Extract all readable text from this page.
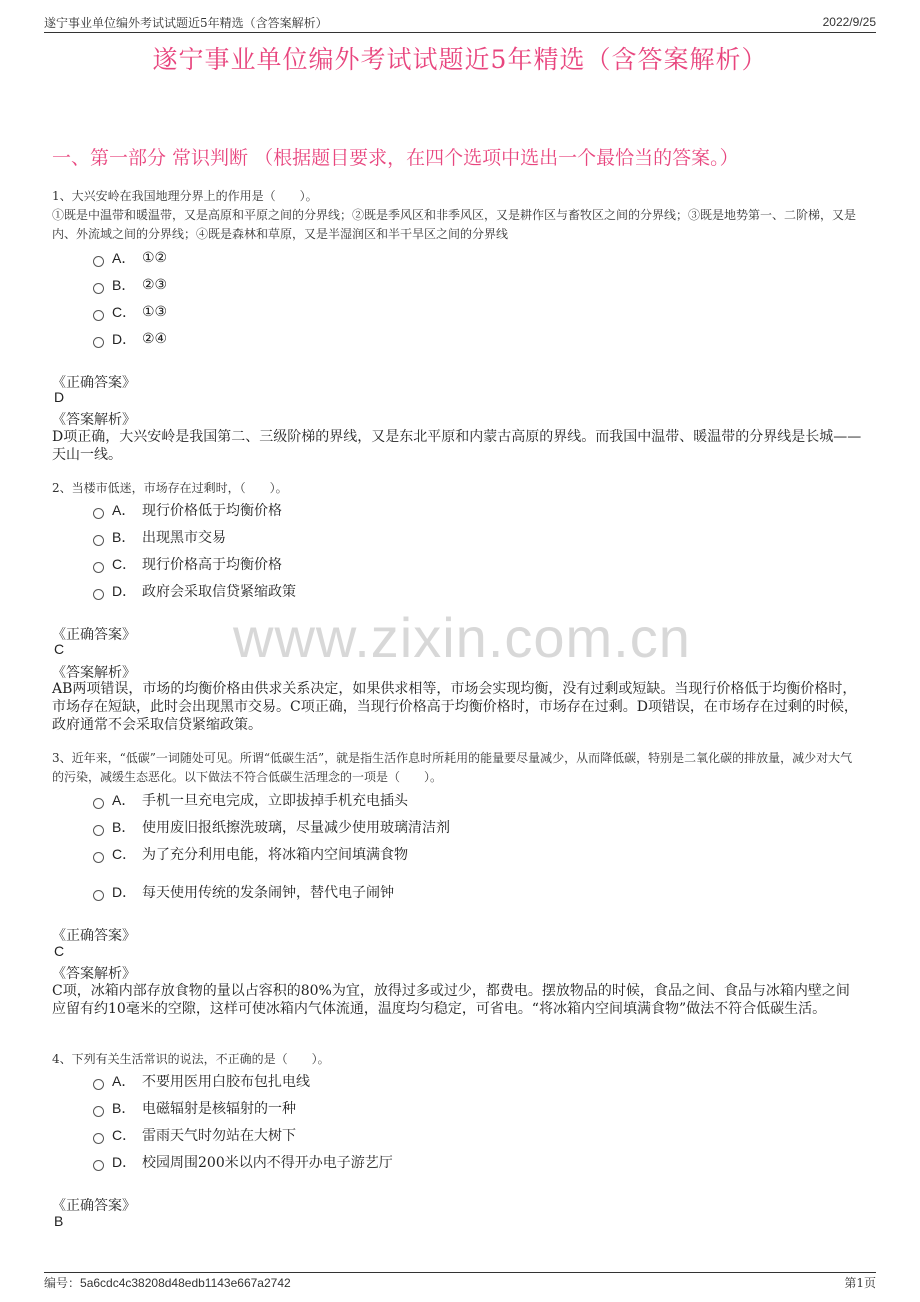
遂宁事业单位编外考试试题近5年精选（含答案解析）	2022/9/25
遂宁事业单位编外考试试题近5年精选（含答案解析）
一、第一部分 常识判断 （根据题目要求，在四个选项中选出一个最恰当的答案。）
www.zixin.com.cn

1、大兴安岭在我国地理分界上的作用是（　　）。

①既是中温带和暖温带，又是高原和平原之间的分界线；②既是季风区和非季风区，又是耕作区与畜牧区之间的分界线；③既是地势第一、二阶梯，又是内、外流域之间的分界线；④既是森林和草原，又是半湿润区和半干旱区之间的分界线

A． ①②
B． ②③
C． ①③
D． ②④
《正确答案》
D
《答案解析》
D项正确，大兴安岭是我国第二、三级阶梯的界线，又是东北平原和内蒙古高原的界线。而我国中温带、暖温带的分界线是长城——天山一线。

2、当楼市低迷，市场存在过剩时，（　　）。

A． 现行价格低于均衡价格
B． 出现黑市交易
C． 现行价格高于均衡价格
D． 政府会采取信贷紧缩政策
《正确答案》
C
《答案解析》
AB两项错误，市场的均衡价格由供求关系决定，如果供求相等，市场会实现均衡，没有过剩或短缺。当现行价格低于均衡价格时，市场存在短缺，此时会出现黑市交易。C项正确，当现行价格高于均衡价格时，市场存在过剩。D项错误，在市场存在过剩的时候，政府通常不会采取信贷紧缩政策。

3、近年来，“低碳”一词随处可见。所谓“低碳生活”，就是指生活作息时所耗用的能量要尽量减少，从而降低碳，特别是二氧化碳的排放量，减少对大气的污染，减缓生态恶化。以下做法不符合低碳生活理念的一项是（　　）。

A． 手机一旦充电完成，立即拔掉手机充电插头
B． 使用废旧报纸擦洗玻璃，尽量减少使用玻璃清洁剂
C． 为了充分利用电能，将冰箱内空间填满食物
D． 每天使用传统的发条闹钟，替代电子闹钟
《正确答案》
C
《答案解析》
C项，冰箱内部存放食物的量以占容积的80%为宜，放得过多或过少，都费电。摆放物品的时候，食品之间、食品与冰箱内壁之间应留有约10毫米的空隙，这样可使冰箱内气体流通，温度均匀稳定，可省电。“将冰箱内空间填满食物”做法不符合低碳生活。

4、下列有关生活常识的说法，不正确的是（　　）。

A． 不要用医用白胶布包扎电线
B． 电磁辐射是核辐射的一种
C． 雷雨天气时勿站在大树下
D． 校园周围200米以内不得开办电子游艺厅
《正确答案》
B
编号：5a6cdc4c38208d48edb1143e667a2742	第1页
